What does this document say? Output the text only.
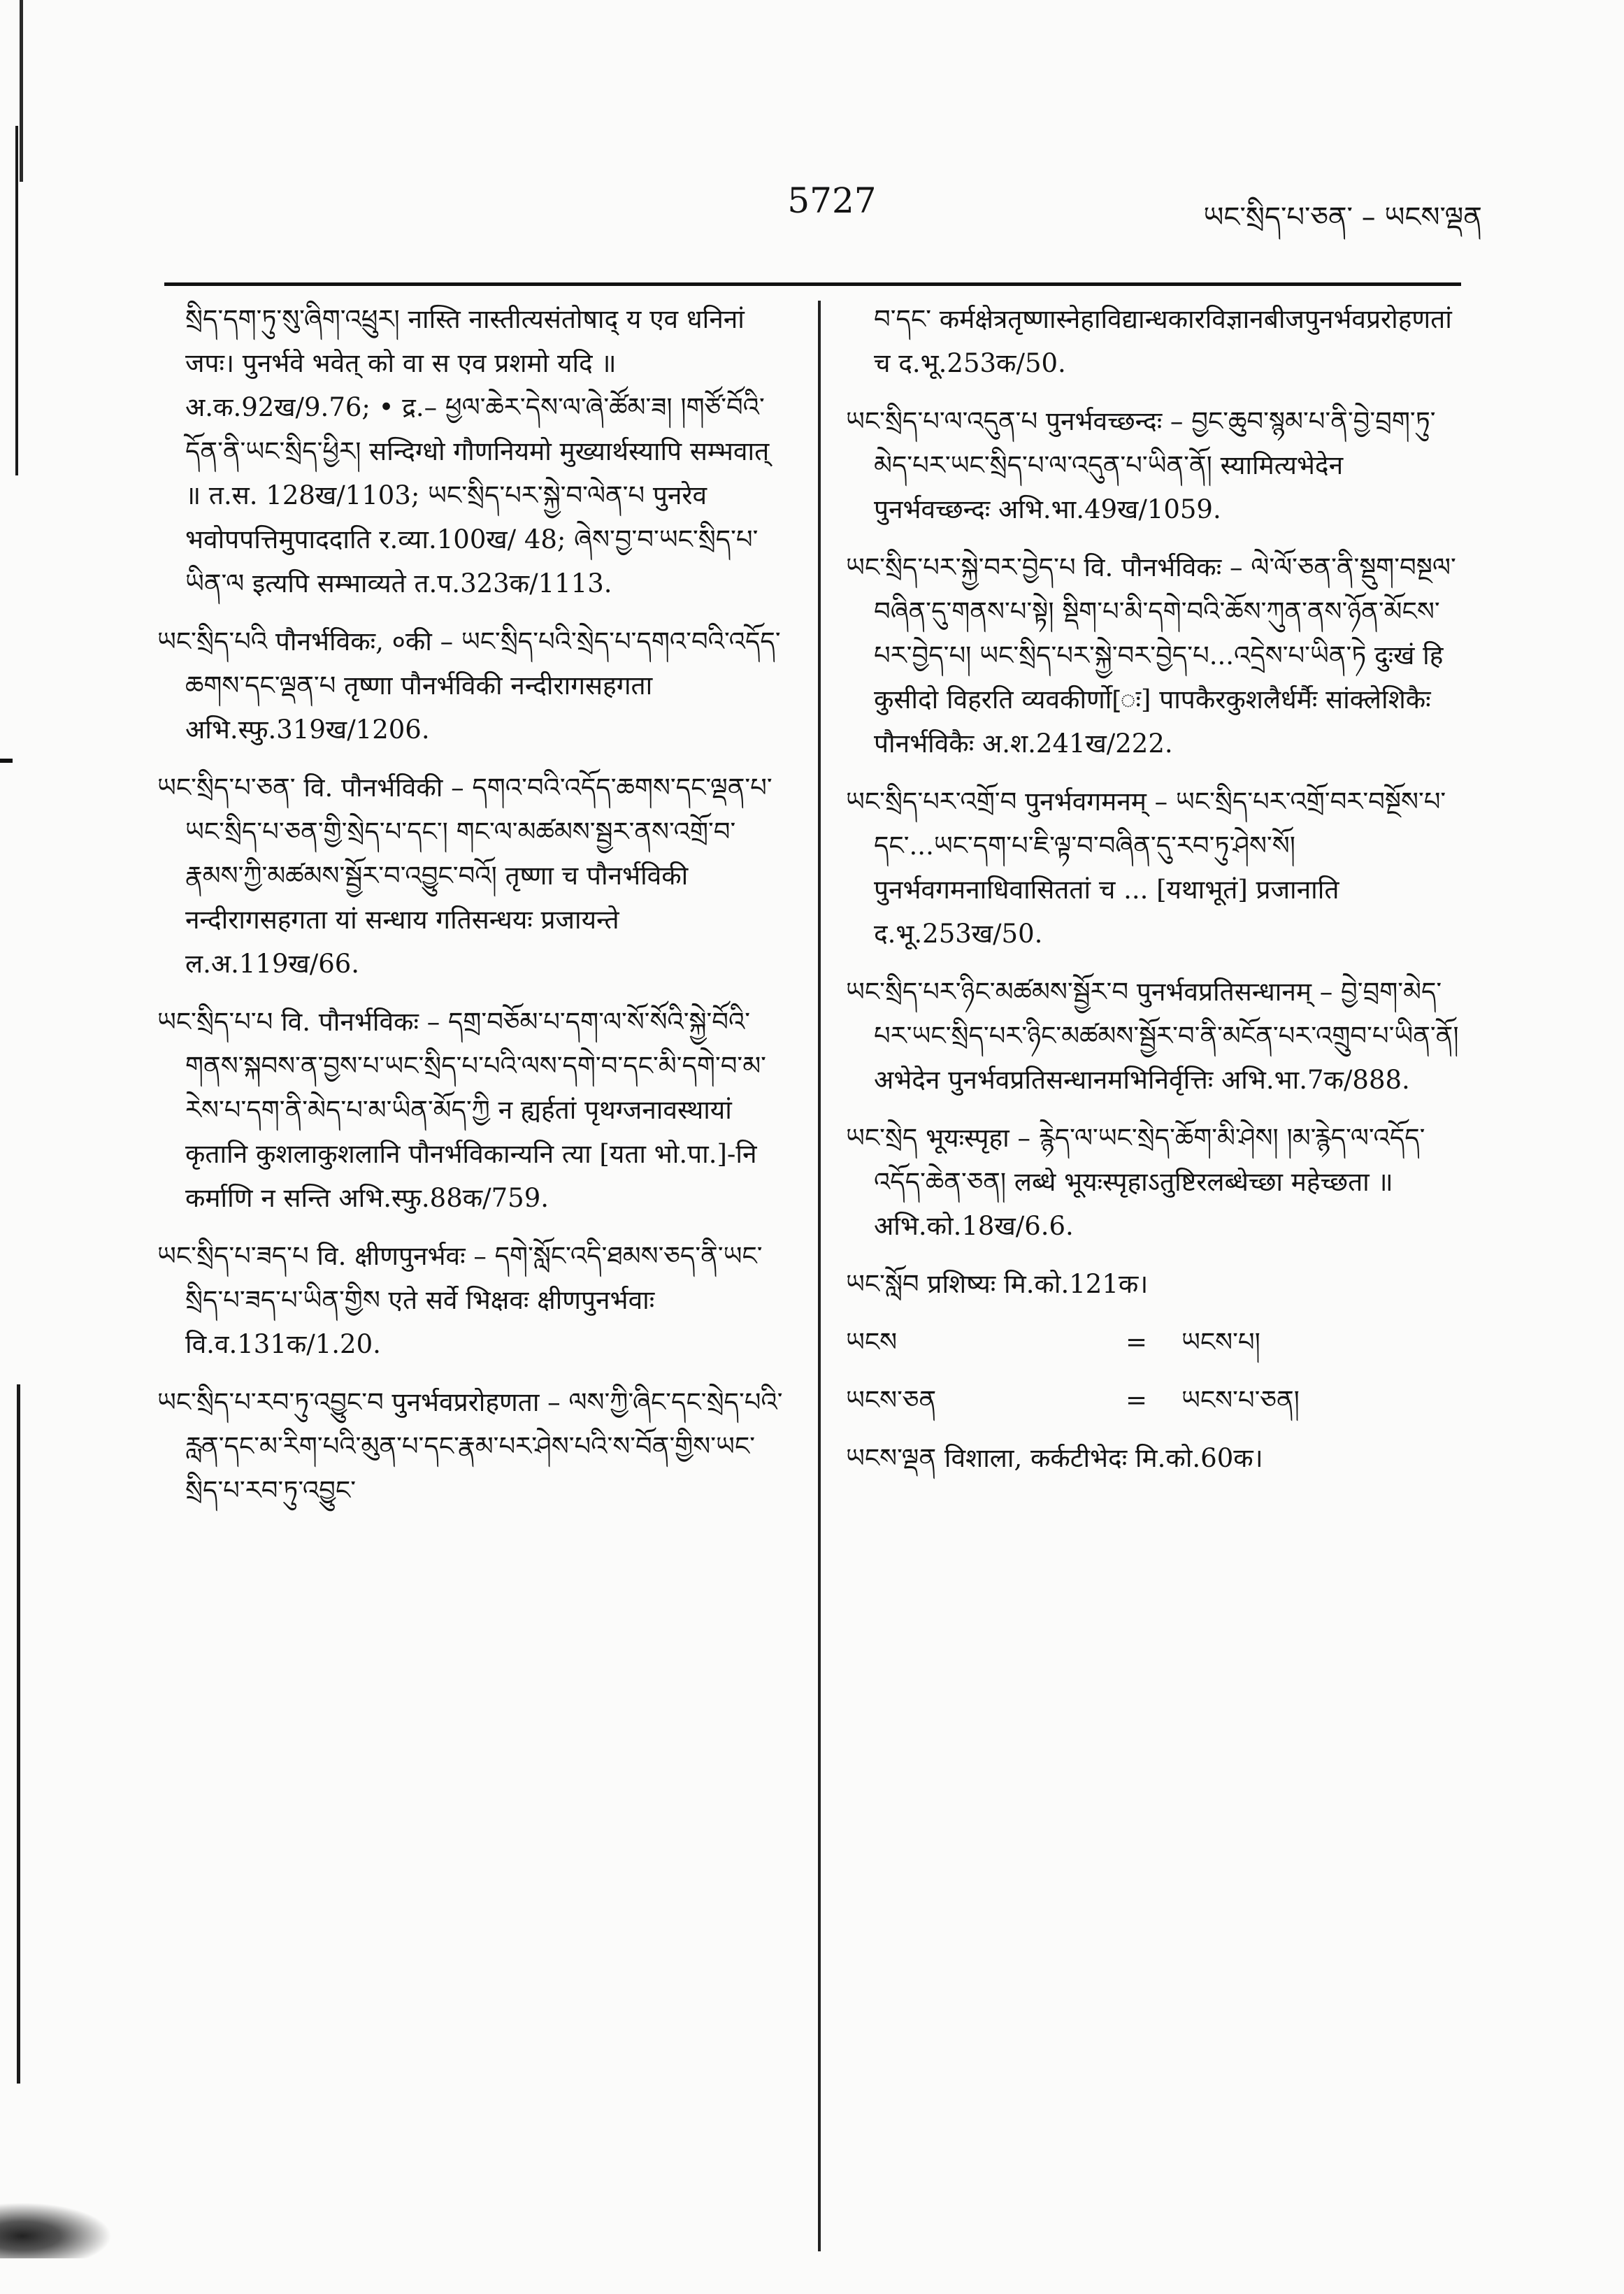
5727	ཡང་སྲིད་པ་ཅན་ – ཡངས་ལྡན

སྲིད་དག་ཏུ་སུ་ཞིག་འཕྲུར། नास्ति नास्तीत्यसंतोषाद् य एव धनिनां जपः। पुनर्भवे भवेत् को वा स एव प्रशमो यदि ॥ अ.क.92ख/9.76; • द्र.– ཕྱལ་ཆེར་དེས་ལ་ཞེ་ཚོམ་ཟ། །གཙོ་བོའི་དོན་ནི་ཡང་སྲིད་ཕྱིར། सन्दिग्धो गौणनियमो मुख्यार्थस्यापि सम्भवात् ॥ त.स. 128ख/1103; ཡང་སྲིད་པར་སྐྱེ་བ་ལེན་པ पुनरेव भवोपपत्तिमुपाददाति र.व्या.100ख/ 48; ཞེས་བྱ་བ་ཡང་སྲིད་པ་ཡིན་ལ इत्यपि सम्भाव्यते त.प.323क/1113.

ཡང་སྲིད་པའི पौनर्भविकः, ०की – ཡང་སྲིད་པའི་སྲེད་པ་དགའ་བའི་འདོད་ཆགས་དང་ལྡན་པ तृष्णा पौनर्भविकी नन्दीरागसहगता अभि.स्फु.319ख/1206.

ཡང་སྲིད་པ་ཅན་ वि. पौनर्भविकी – དགའ་བའི་འདོད་ཆགས་དང་ལྡན་པ་ཡང་སྲིད་པ་ཅན་གྱི་སྲེད་པ་དང་། གང་ལ་མཚམས་སྦྱར་ནས་འགྲོ་བ་རྣམས་ཀྱི་མཚམས་སྦྱོར་བ་འབྱུང་བའོ། तृष्णा च पौनर्भविकी नन्दीरागसहगता यां सन्धाय गतिसन्धयः प्रजायन्ते ल.अ.119ख/66.

ཡང་སྲིད་པ་པ वि. पौनर्भविकः – དགྲ་བཅོམ་པ་དག་ལ་སོ་སོའི་སྐྱེ་བོའི་གནས་སྐབས་ན་བྱས་པ་ཡང་སྲིད་པ་པའི་ལས་དགེ་བ་དང་མི་དགེ་བ་མ་རེས་པ་དག་ནི་མེད་པ་མ་ཡིན་མོད་ཀྱི न ह्यर्हतां पृथग्जनावस्थायां कृतानि कुशलाकुशलानि पौनर्भविकान्यनि त्या [यता भो.पा.]-नि कर्माणि न सन्ति अभि.स्फु.88क/759.

ཡང་སྲིད་པ་ཟད་པ वि. क्षीणपुनर्भवः – དགེ་སློང་འདི་ཐམས་ཅད་ནི་ཡང་སྲིད་པ་ཟད་པ་ཡིན་གྱིས एते सर्वे भिक्षवः क्षीणपुनर्भवाः वि.व.131क/1.20.

ཡང་སྲིད་པ་རབ་ཏུ་འབྱུང་བ पुनर्भवप्ररोहणता – ལས་ཀྱི་ཞིང་དང་སྲེད་པའི་རླན་དང་མ་རིག་པའི་མུན་པ་དང་རྣམ་པར་ཤེས་པའི་ས་བོན་གྱིས་ཡང་སྲིད་པ་རབ་ཏུ་འབྱུང་

བ་དང་ कर्मक्षेत्रतृष्णास्नेहाविद्यान्धकारविज्ञानबीजपुनर्भवप्ररोहणतां च द.भू.253क/50.

ཡང་སྲིད་པ་ལ་འདུན་པ पुनर्भवच्छन्दः – བྱང་ཆུབ་སྙམ་པ་ནི་བྱེ་བྲག་ཏུ་མེད་པར་ཡང་སྲིད་པ་ལ་འདུན་པ་ཡིན་ནོ། स्यामित्यभेदेन पुनर्भवच्छन्दः अभि.भा.49ख/1059.

ཡང་སྲིད་པར་སྐྱེ་བར་བྱེད་པ वि. पौनर्भविकः – ལེ་ལོ་ཅན་ནི་སྡུག་བསྔལ་བཞིན་དུ་གནས་པ་སྟེ། སྡིག་པ་མི་དགེ་བའི་ཆོས་ཀུན་ནས་ཉོན་མོངས་པར་བྱེད་པ། ཡང་སྲིད་པར་སྐྱེ་བར་བྱེད་པ...འདྲེས་པ་ཡིན་ཏེ दुःखं हि कुसीदो विहरति व्यवकीर्णो[ः] पापकैरकुशलैर्धर्मैः सांक्लेशिकैः पौनर्भविकैः अ.श.241ख/222.

ཡང་སྲིད་པར་འགྲོ་བ पुनर्भवगमनम् – ཡང་སྲིད་པར་འགྲོ་བར་བསྔོས་པ་དང་...ཡང་དག་པ་ཇི་ལྟ་བ་བཞིན་དུ་རབ་ཏུ་ཤེས་སོ། पुनर्भवगमनाधिवासिततां च ... [यथाभूतं] प्रजानाति द.भू.253ख/50.

ཡང་སྲིད་པར་ཉིང་མཚམས་སྦྱོར་བ पुनर्भवप्रतिसन्धानम् – བྱེ་བྲག་མེད་པར་ཡང་སྲིད་པར་ཉིང་མཚམས་སྦྱོར་བ་ནི་མངོན་པར་འགྲུབ་པ་ཡིན་ནོ། अभेदेन पुनर्भवप्रतिसन्धानमभिनिर्वृत्तिः अभि.भा.7क/888.

ཡང་སྲེད भूयःस्पृहा – རྙེད་ལ་ཡང་སྲེད་ཆོག་མི་ཤེས། །མ་རྙེད་ལ་འདོད་འདོད་ཆེན་ཅན། लब्धे भूयःस्पृहाऽतुष्टिरलब्धेच्छा महेच्छता ॥ अभि.को.18ख/6.6.

ཡང་སློབ प्रशिष्यः मि.को.121क।

ཡངས	=	ཡངས་པ།
ཡངས་ཅན	=	ཡངས་པ་ཅན།

ཡངས་ལྡན विशाला, कर्कटीभेदः मि.को.60क।
